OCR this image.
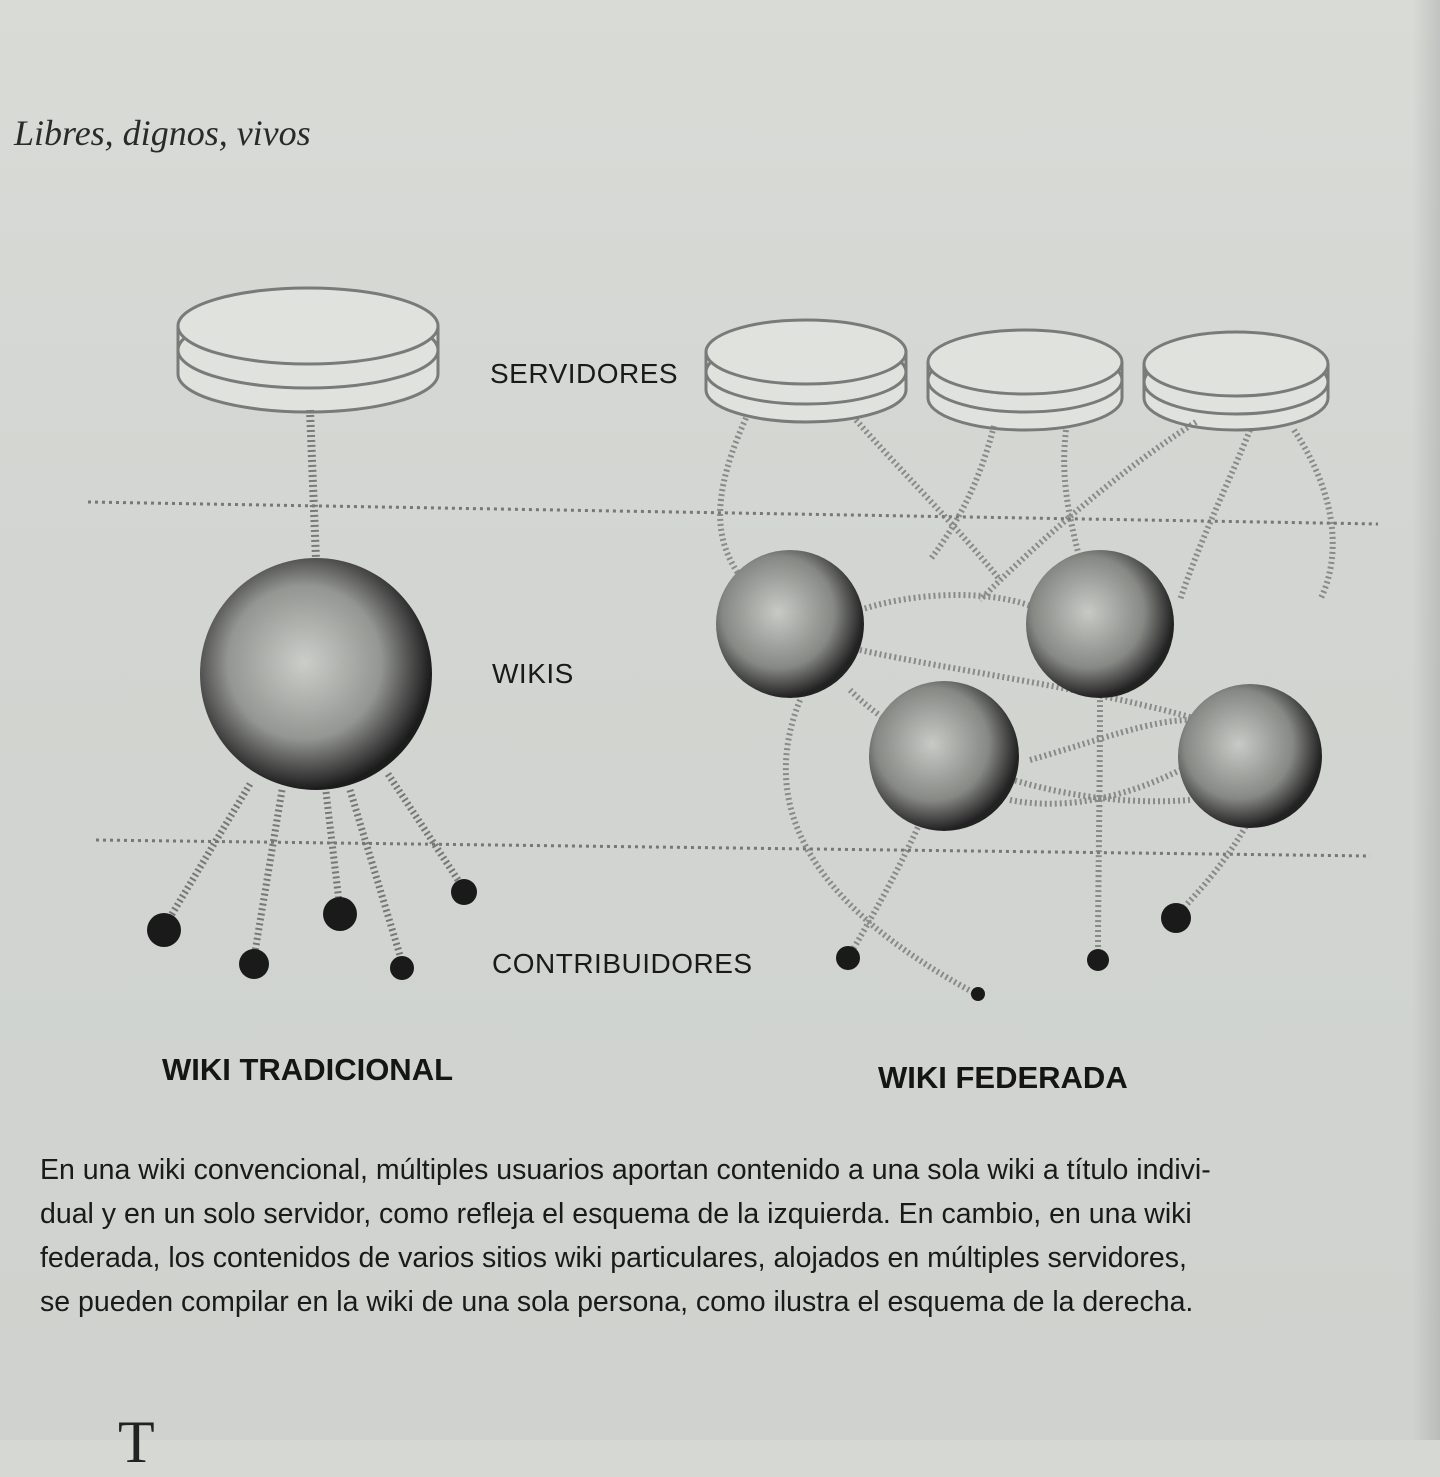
Libres, dignos, vivos
SERVIDORES
WIKIS
CONTRIBUIDORES
WIKI TRADICIONAL	WIKI FEDERADA
En una wiki convencional, múltiples usuarios aportan contenido a una sola wiki a título indivi-
dual y en un solo servidor, como refleja el esquema de la izquierda. En cambio, en una wiki
federada, los contenidos de varios sitios wiki particulares, alojados en múltiples servidores,
se pueden compilar en la wiki de una sola persona, como ilustra el esquema de la derecha.
T
